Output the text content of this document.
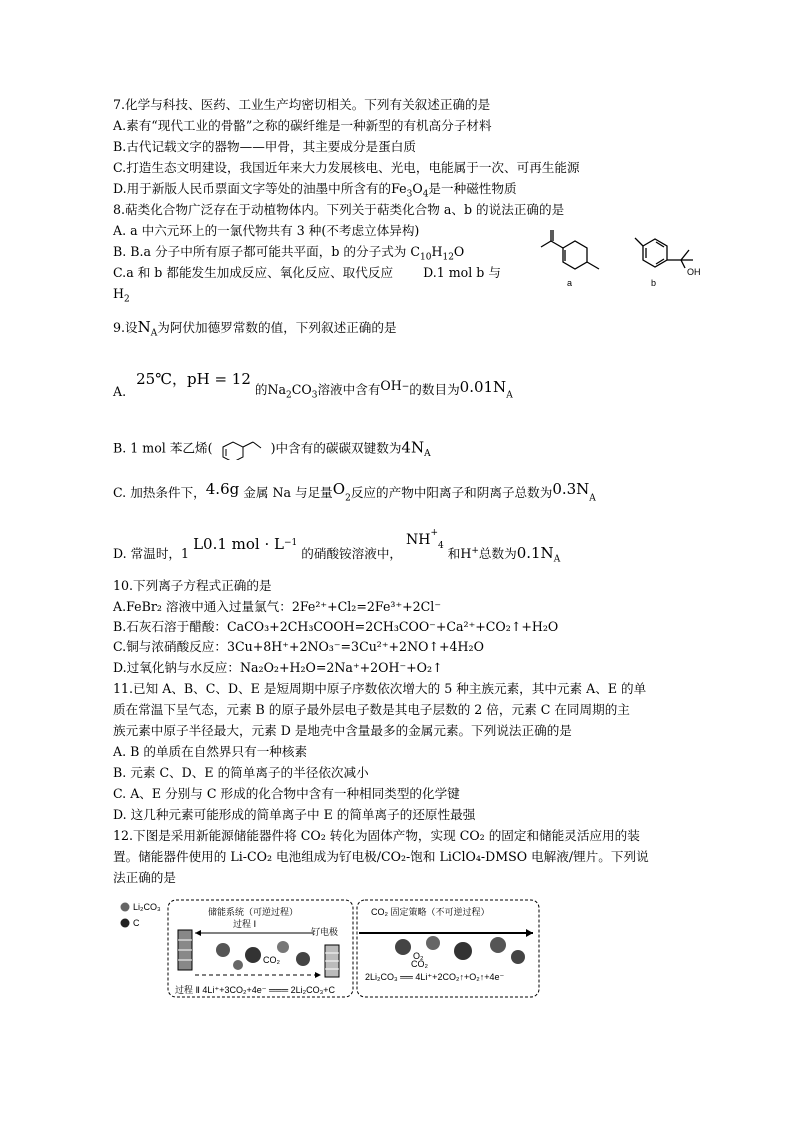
7.化学与科技、医药、工业生产均密切相关。下列有关叙述正确的是
A.素有“现代工业的骨骼”之称的碳纤维是一种新型的有机高分子材料
B.古代记载文字的器物——甲骨，其主要成分是蛋白质
C.打造生态文明建设，我国近年来大力发展核电、光电，电能属于一次、可再生能源
D.用于新版人民币票面文字等处的油墨中所含有的$Fe_3O_4$是一种磁性物质
8.萜类化合物广泛存在于动植物体内。下列关于萜类化合物 a、b 的说法正确的是
A. a 中六元环上的一氯代物共有 3 种(不考虑立体异构)
B. B.a 分子中所有原子都可能共平面，b 的分子式为 $C_{10}H_{12}O$
C.a 和 b 都能发生加成反应、氧化反应、取代反应 D.1 mol b 与
$H_2$
a
OH
b
9.设$N_A$为阿伏加德罗常数的值，下列叙述正确的是
A. 25℃，pH = 12 的$Na_2CO_3$溶液中含有OH−的数目为$0.01N_A$
B. 1 mol 苯乙烯(	)中含有的碳碳双键数为$4N_A$
C. 加热条件下，4.6g 金属 Na 与足量$O_2$反应的产物中阳离子和阴离子总数为$0.3N_A$
D. 常温时，1 L0.1 mol · $L^{-1}$ 的硝酸铵溶液中， $NH^+_4$ 和H+总数为$0.1N_A$
10.下列离子方程式正确的是
A.FeBr₂ 溶液中通入过量氯气：2Fe²⁺+Cl₂=2Fe³⁺+2Cl⁻
B.石灰石溶于醋酸：CaCO₃+2CH₃COOH=2CH₃COO⁻+Ca²⁺+CO₂↑+H₂O
C.铜与浓硝酸反应：3Cu+8H⁺+2NO₃⁻=3Cu²⁺+2NO↑+4H₂O
D.过氧化钠与水反应：Na₂O₂+H₂O=2Na⁺+2OH⁻+O₂↑
11.已知 A、B、C、D、E 是短周期中原子序数依次增大的 5 种主族元素，其中元素 A、E 的单
质在常温下呈气态，元素 B 的原子最外层电子数是其电子层数的 2 倍，元素 C 在同周期的主
族元素中原子半径最大，元素 D 是地壳中含量最多的金属元素。下列说法正确的是
A. B 的单质在自然界只有一种核素
B. 元素 C、D、E 的简单离子的半径依次减小
C. A、E 分别与 C 形成的化合物中含有一种相同类型的化学键
D. 这几种元素可能形成的简单离子中 E 的简单离子的还原性最强
12.下图是采用新能源储能器件将 CO₂ 转化为固体产物，实现 CO₂ 的固定和储能灵活应用的装
置。储能器件使用的 Li-CO₂ 电池组成为钌电极/CO₂-饱和 LiClO₄-DMSO 电解液/锂片。下列说
法正确的是
Li₂CO₃
C
储能系统（可逆过程）
过程 Ⅰ
钌电极
CO₂
过程 Ⅱ 4Li⁺+3CO₂+4e⁻ ═══ 2Li₂CO₃+C
CO₂ 固定策略（不可逆过程）
O₂
CO₂
2Li₂CO₃ ══ 4Li⁺+2CO₂↑+O₂↑+4e⁻
